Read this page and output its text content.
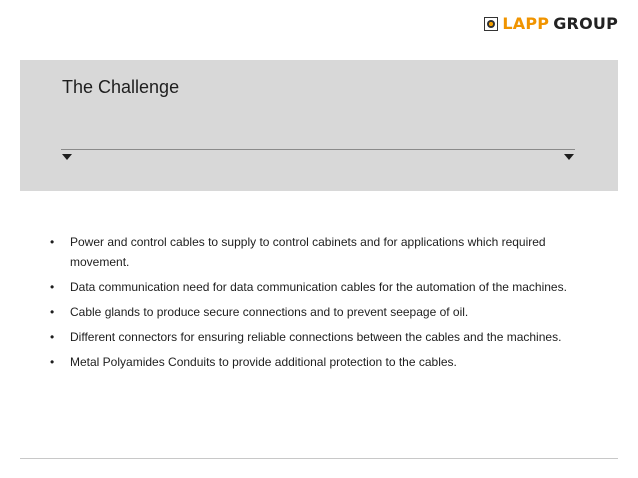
LAPP GROUP
The Challenge
• Power and control cables to supply to control cabinets and for applications which required movement.
• Data communication need for data communication cables for the automation of the machines.
• Cable glands to produce secure connections and to prevent seepage of oil.
• Different connectors for ensuring reliable connections between the cables and the machines.
• Metal Polyamides Conduits to provide additional protection to the cables.
